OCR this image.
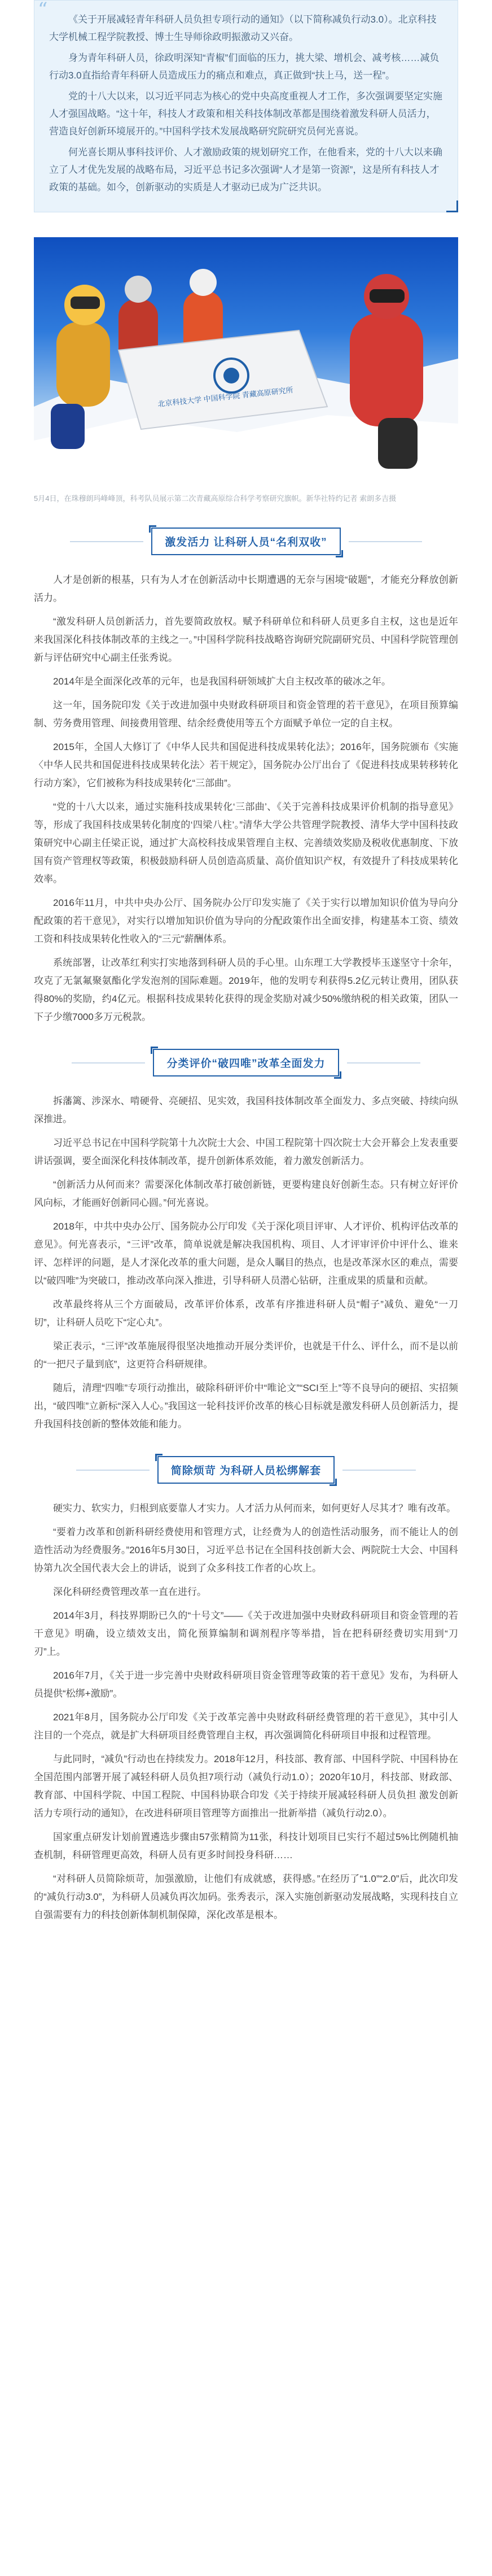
“	《关于开展减轻青年科研人员负担专项行动的通知》（以下简称减负行动3.0）。北京科技大学机械工程学院教授、博士生导师徐政明振激动又兴奋。

身为青年科研人员，徐政明深知“青椒”们面临的压力，挑大梁、增机会、减考核……减负行动3.0直指给青年科研人员造成压力的痛点和难点，真正做到“扶上马，送一程”。

党的十八大以来，以习近平同志为核心的党中央高度重视人才工作，多次强调要坚定实施人才强国战略。“这十年，科技人才政策和相关科技体制改革都是围绕着激发科研人员活力，营造良好创新环境展开的。”中国科学技术发展战略研究院研究员何光喜说。

何光喜长期从事科技评价、人才激励政策的规划研究工作，在他看来，党的十八大以来确立了人才优先发展的战略布局，习近平总书记多次强调“人才是第一资源”，这是所有科技人才政策的基础。如今，创新驱动的实质是人才驱动已成为广泛共识。

北京科技大学 中国科学院 青藏高原研究所
5月4日，在珠穆朗玛峰峰顶，科考队员展示第二次青藏高原综合科学考察研究旗帜。新华社特约记者 索朗多吉摄
激发活力 让科研人员“名利双收”

人才是创新的根基，只有为人才在创新活动中长期遭遇的无奈与困境“破题”，才能充分释放创新活力。

“激发科研人员创新活力，首先要简政放权。赋予科研单位和科研人员更多自主权，这也是近年来我国深化科技体制改革的主线之一。”中国科学院科技战略咨询研究院副研究员、中国科学院管理创新与评估研究中心副主任张秀说。

2014年是全面深化改革的元年，也是我国科研领域扩大自主权改革的破冰之年。

这一年，国务院印发《关于改进加强中央财政科研项目和资金管理的若干意见》，在项目预算编制、劳务费用管理、间接费用管理、结余经费使用等五个方面赋予单位一定的自主权。

2015年，全国人大修订了《中华人民共和国促进科技成果转化法》；2016年，国务院颁布《实施〈中华人民共和国促进科技成果转化法〉若干规定》，国务院办公厅出台了《促进科技成果转移转化行动方案》，它们被称为科技成果转化“三部曲”。

“党的十八大以来，通过实施科技成果转化‘三部曲’、《关于完善科技成果评价机制的指导意见》等，形成了我国科技成果转化制度的‘四梁八柱’。”清华大学公共管理学院教授、清华大学中国科技政策研究中心副主任梁正说，通过扩大高校科技成果管理自主权、完善绩效奖励及税收优惠制度、下放国有资产管理权等政策，积极鼓励科研人员创造高质量、高价值知识产权，有效提升了科技成果转化效率。

2016年11月，中共中央办公厅、国务院办公厅印发实施了《关于实行以增加知识价值为导向分配政策的若干意见》，对实行以增加知识价值为导向的分配政策作出全面安排，构建基本工资、绩效工资和科技成果转化性收入的“三元”薪酬体系。

系统部署，让改革红利实打实地落到科研人员的手心里。山东理工大学教授毕玉遂坚守十余年，攻克了无氯氟聚氨酯化学发泡剂的国际难题。2019年，他的发明专利获得5.2亿元转让费用，团队获得80%的奖励，约4亿元。根据科技成果转化获得的现金奖励对减少50%缴纳税的相关政策，团队一下子少缴7000多万元税款。

分类评价“破四唯”改革全面发力

拆藩篱、涉深水、啃硬骨、亮硬招、见实效，我国科技体制改革全面发力、多点突破、持续向纵深推进。

习近平总书记在中国科学院第十九次院士大会、中国工程院第十四次院士大会开幕会上发表重要讲话强调，要全面深化科技体制改革，提升创新体系效能，着力激发创新活力。

“创新活力从何而来？需要深化体制改革打破创新链，更要构建良好创新生态。只有树立好评价风向标，才能画好创新同心圆。”何光喜说。

2018年，中共中央办公厅、国务院办公厅印发《关于深化项目评审、人才评价、机构评估改革的意见》。何光喜表示，“三评”改革，简单说就是解决我国机构、项目、人才评审评价中评什么、谁来评、怎样评的问题，是人才深化改革的重大问题，是众人瞩目的热点，也是改革深水区的难点，需要以“破四唯”为突破口，推动改革向深入推进，引导科研人员潜心钻研，注重成果的质量和贡献。

改革最终将从三个方面破局，改革评价体系，改革有序推进科研人员“帽子”减负、避免“一刀切”，让科研人员吃下“定心丸”。

梁正表示，“三评”改革施展得很坚决地推动开展分类评价，也就是干什么、评什么，而不是以前的“一把尺子量到底”，这更符合科研规律。

随后，清理“四唯”专项行动推出，破除科研评价中“唯论文”“SCI至上”等不良导向的硬招、实招频出，“破四唯”立新标“深入人心。”我国这一轮科技评价改革的核心目标就是激发科研人员创新活力，提升我国科技创新的整体效能和能力。

简除烦苛 为科研人员松绑解套

硬实力、软实力，归根到底要靠人才实力。人才活力从何而来，如何更好人尽其才？唯有改革。

“要着力改革和创新科研经费使用和管理方式，让经费为人的创造性活动服务，而不能让人的创造性活动为经费服务。”2016年5月30日，习近平总书记在全国科技创新大会、两院院士大会、中国科协第九次全国代表大会上的讲话，说到了众多科技工作者的心坎上。

深化科研经费管理改革一直在进行。

2014年3月，科技界期盼已久的“十号文”——《关于改进加强中央财政科研项目和资金管理的若干意见》明确，设立绩效支出，简化预算编制和调剂程序等举措，旨在把科研经费切实用到“刀刃”上。

2016年7月，《关于进一步完善中央财政科研项目资金管理等政策的若干意见》发布，为科研人员提供“松绑+激励”。

2021年8月，国务院办公厅印发《关于改革完善中央财政科研经费管理的若干意见》，其中引人注目的一个亮点，就是扩大科研项目经费管理自主权，再次强调简化科研项目申报和过程管理。

与此同时，“减负”行动也在持续发力。2018年12月，科技部、教育部、中国科学院、中国科协在全国范围内部署开展了减轻科研人员负担7项行动（减负行动1.0）；2020年10月，科技部、财政部、教育部、中国科学院、中国工程院、中国科协联合印发《关于持续开展减轻科研人员负担 激发创新活力专项行动的通知》，在改进科研项目管理等方面推出一批新举措（减负行动2.0）。

国家重点研发计划前置遴选步骤由57张精简为11张，科技计划项目已实行不超过5%比例随机抽查机制，科研管理更高效，科研人员有更多时间投身科研……

“对科研人员简除烦苛，加强激励，让他们有成就感，获得感。”在经历了“1.0”“2.0”后，此次印发的“减负行动3.0”，为科研人员减负再次加码。张秀表示，深入实施创新驱动发展战略，实现科技自立自强需要有力的科技创新体制机制保障，深化改革是根本。
